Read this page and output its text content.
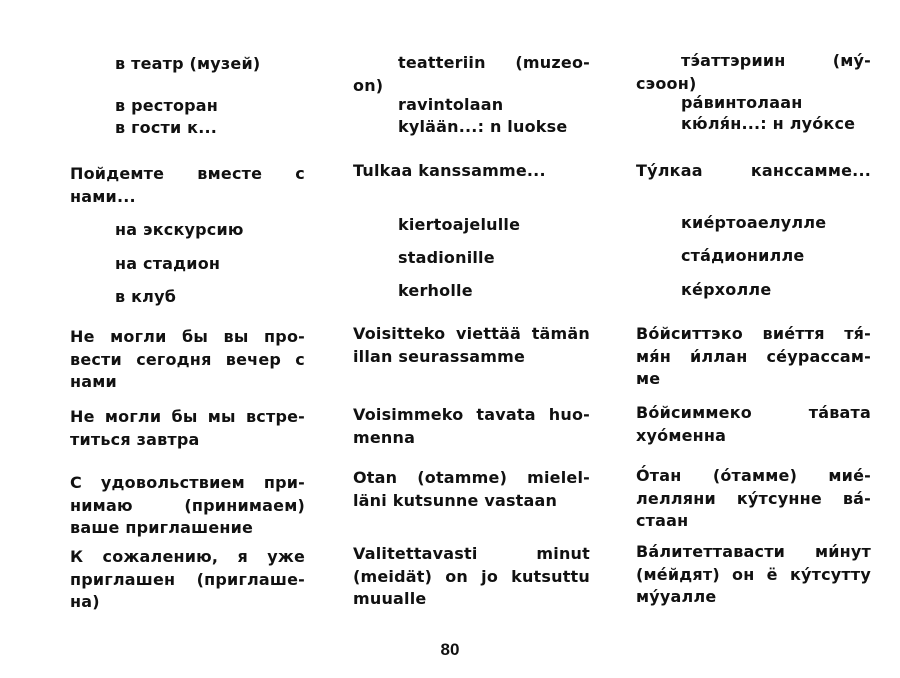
в театр (музей)
в ресторан
в гости к...
Пойдемте вместе с
нами...
на экскурсию
на стадион
в клуб
Не могли бы вы про-
вести сегодня вечер с
нами
Не могли бы мы встре-
титься завтра
С удовольствием при-
нимаю (принимаем)
ваше приглашение
К сожалению, я уже
приглашен (приглаше-
на)
teatteriin (muzeo-
on)
ravintolaan
kylään...: n luokse
Tulkaa kanssamme...
kiertoajelulle
stadionille
kerholle
Voisitteko viettää tämän
illan seurassamme
Voisimmeko tavata huo-
menna
Otan (otamme) mielel-
läni kutsunne vastaan
Valitettavasti minut
(meidät) on jo kutsuttu
muualle
тэ́аттэриин (му́-
сэоон)
ра́винтолаан
кю́ля́н...: н луо́ксе
Ту́лкаа канссамме...
кие́ртоаелулле
ста́дионилле
ке́рхолле
Во́йситтэко вие́ття тя́-
мя́н и́ллан се́урассам-
ме
Во́йсиммеко та́вата
хуо́менна
О́тан (о́тамме) мие́-
лелляни ку́тсунне ва́-
стаан
Ва́литеттавасти ми́нут
(ме́йдят) он ё ку́тсутту
му́уалле
80
